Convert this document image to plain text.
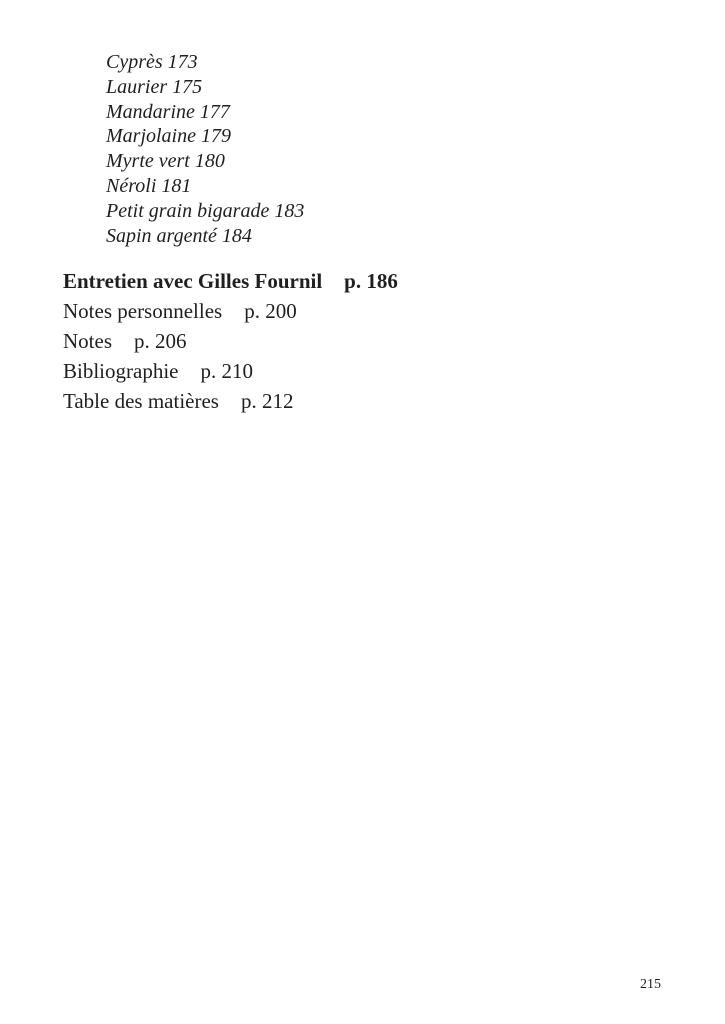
Cyprès 173
Laurier 175
Mandarine 177
Marjolaine 179
Myrte vert 180
Néroli 181
Petit grain bigarade 183
Sapin argenté 184
Entretien avec Gilles Fournil p. 186
Notes personnelles p. 200
Notes p. 206
Bibliographie p. 210
Table des matières p. 212
215
